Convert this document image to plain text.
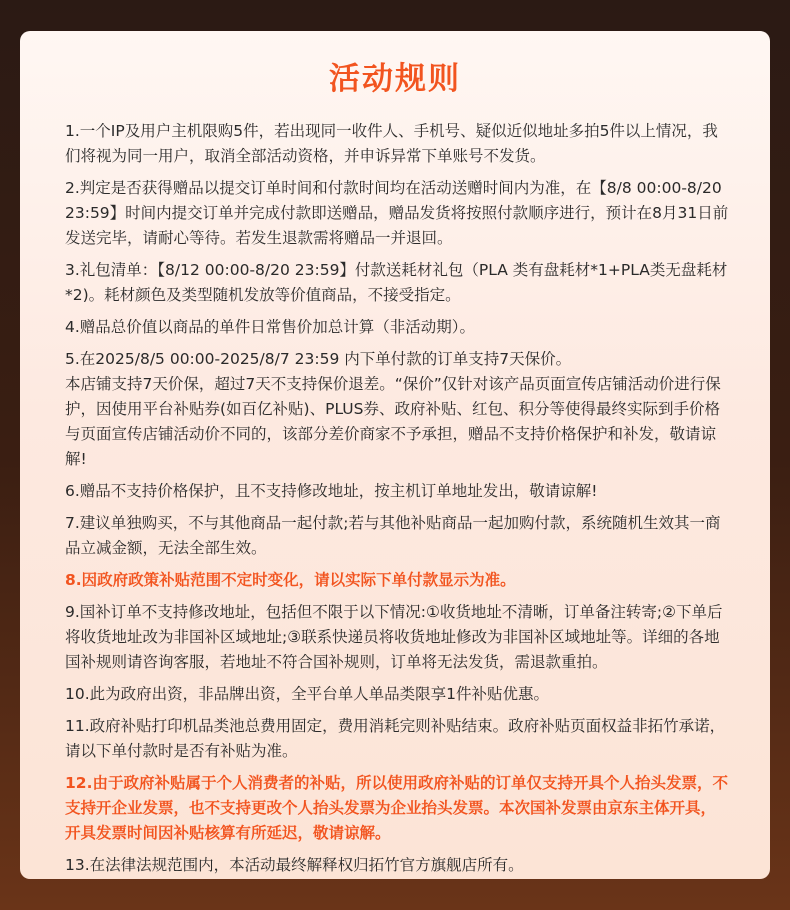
活动规则

1.一个IP及用户主机限购5件，若出现同一收件人、手机号、疑似近似地址多拍5件以上情况，我们将视为同一用户，取消全部活动资格，并申诉异常下单账号不发货。

2.判定是否获得赠品以提交订单时间和付款时间均在活动送赠时间内为准，在【8/8 00:00-8/20 23:59】时间内提交订单并完成付款即送赠品，赠品发货将按照付款顺序进行，预计在8月31日前发送完毕，请耐心等待。若发生退款需将赠品一并退回。

3.礼包清单：【8/12 00:00-8/20 23:59】付款送耗材礼包（PLA 类有盘耗材*1+PLA类无盘耗材*2)。耗材颜色及类型随机发放等价值商品，不接受指定。

4.赠品总价值以商品的单件日常售价加总计算（非活动期）。

5.在2025/8/5 00:00-2025/8/7 23:59 内下单付款的订单支持7天保价。

本店铺支持7天价保，超过7天不支持保价退差。“保价”仅针对该产品页面宣传店铺活动价进行保护，因使用平台补贴券(如百亿补贴)、PLUS券、政府补贴、红包、积分等使得最终实际到手价格与页面宣传店铺活动价不同的，该部分差价商家不予承担，赠品不支持价格保护和补发，敬请谅解!

6.赠品不支持价格保护，且不支持修改地址，按主机订单地址发出，敬请谅解!

7.建议单独购买，不与其他商品一起付款;若与其他补贴商品一起加购付款，系统随机生效其一商品立减金额，无法全部生效。

8.因政府政策补贴范围不定时变化，请以实际下单付款显示为准。

9.国补订单不支持修改地址，包括但不限于以下情况:①收货地址不清晰，订单备注转寄;②下单后将收货地址改为非国补区域地址;③联系快递员将收货地址修改为非国补区域地址等。详细的各地国补规则请咨询客服，若地址不符合国补规则，订单将无法发货，需退款重拍。

10.此为政府出资，非品牌出资，全平台单人单品类限享1件补贴优惠。

11.政府补贴打印机品类池总费用固定，费用消耗完则补贴结束。政府补贴页面权益非拓竹承诺，请以下单付款时是否有补贴为准。

12.由于政府补贴属于个人消费者的补贴，所以使用政府补贴的订单仅支持开具个人抬头发票，不支持开企业发票，也不支持更改个人抬头发票为企业抬头发票。本次国补发票由京东主体开具，开具发票时间因补贴核算有所延迟，敬请谅解。

13.在法律法规范围内，本活动最终解释权归拓竹官方旗舰店所有。
